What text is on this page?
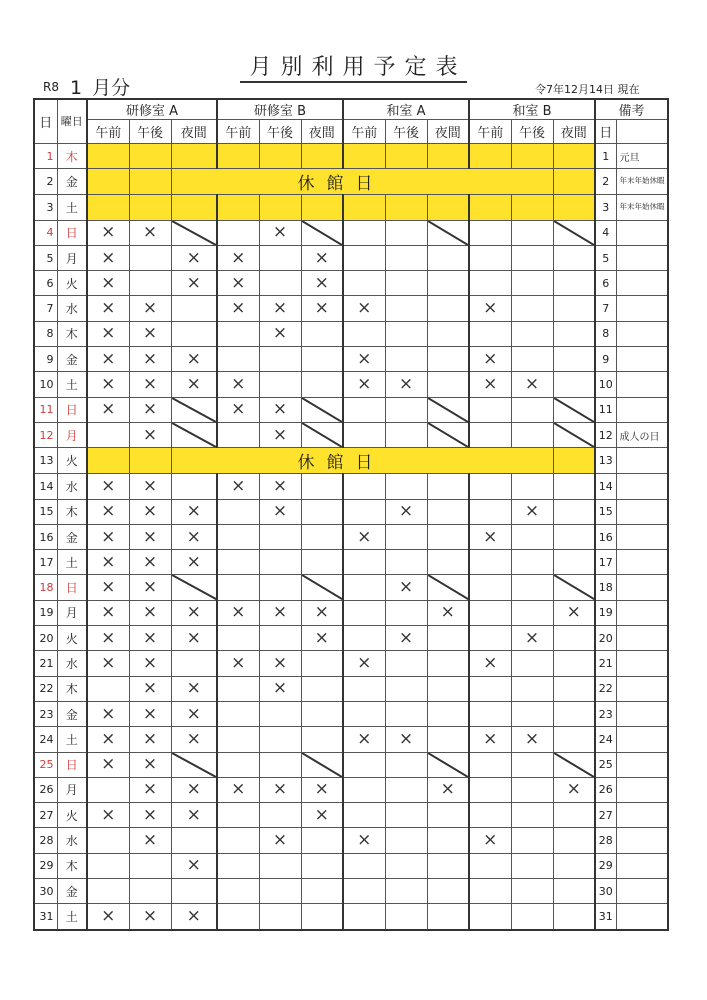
月別利用予定表
R8 1 月分	令7年12月14日 現在
日	曜日	研修室 A			研修室 B			和室 A			和室 B			備考	
		午前	午後	夜間	午前	午後	夜間	午前	午後	夜間	午前	午後	夜間	日	
1	木													1	元旦
2	金			休館日										2	年末年始休暇
3	土													3	年末年始休暇
4	日	×	×			×								4	
5	月	×		×	×		×							5	
6	火	×		×	×		×							6	
7	水	×	×		×	×	×	×			×			7	
8	木	×	×			×								8	
9	金	×	×	×				×			×			9	
10	土	×	×	×	×			×	×		×	×		10	
11	日	×	×		×	×								11	
12	月		×			×								12	成人の日
13	火			休館日										13	
14	水	×	×		×	×								14	
15	木	×	×	×		×			×			×		15	
16	金	×	×	×				×			×			16	
17	土	×	×	×										17	
18	日	×	×						×					18	
19	月	×	×	×	×	×	×			×			×	19	
20	火	×	×	×			×		×			×		20	
21	水	×	×		×	×		×			×			21	
22	木		×	×		×								22	
23	金	×	×	×										23	
24	土	×	×	×				×	×		×	×		24	
25	日	×	×											25	
26	月		×	×	×	×	×			×			×	26	
27	火	×	×	×			×							27	
28	水		×			×		×			×			28	
29	木			×										29	
30	金													30	
31	土	×	×	×										31	
